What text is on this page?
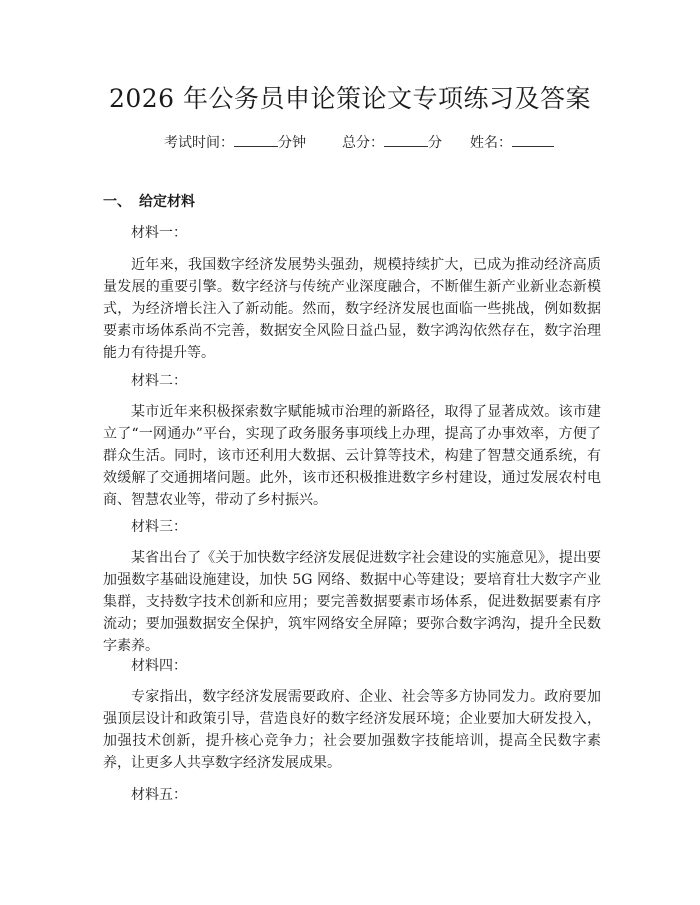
2026 年公务员申论策论文专项练习及答案
考试时间：	分钟	总分：	分 姓名：
一、 给定材料
材料一：

近年来，我国数字经济发展势头强劲，规模持续扩大，已成为推动经济高质量发展的重要引擎。数字经济与传统产业深度融合，不断催生新产业新业态新模式，为经济增长注入了新动能。然而，数字经济发展也面临一些挑战，例如数据要素市场体系尚不完善，数据安全风险日益凸显，数字鸿沟依然存在，数字治理能力有待提升等。

材料二：

某市近年来积极探索数字赋能城市治理的新路径，取得了显著成效。该市建立了“一网通办”平台，实现了政务服务事项线上办理，提高了办事效率，方便了群众生活。同时，该市还利用大数据、云计算等技术，构建了智慧交通系统，有效缓解了交通拥堵问题。此外，该市还积极推进数字乡村建设，通过发展农村电商、智慧农业等，带动了乡村振兴。

材料三：

某省出台了《关于加快数字经济发展促进数字社会建设的实施意见》，提出要加强数字基础设施建设，加快 5G 网络、数据中心等建设；要培育壮大数字产业集群，支持数字技术创新和应用；要完善数据要素市场体系，促进数据要素有序流动；要加强数据安全保护，筑牢网络安全屏障；要弥合数字鸿沟，提升全民数字素养。

材料四：

专家指出，数字经济发展需要政府、企业、社会等多方协同发力。政府要加强顶层设计和政策引导，营造良好的数字经济发展环境；企业要加大研发投入，加强技术创新，提升核心竞争力；社会要加强数字技能培训，提高全民数字素养，让更多人共享数字经济发展成果。

材料五：
